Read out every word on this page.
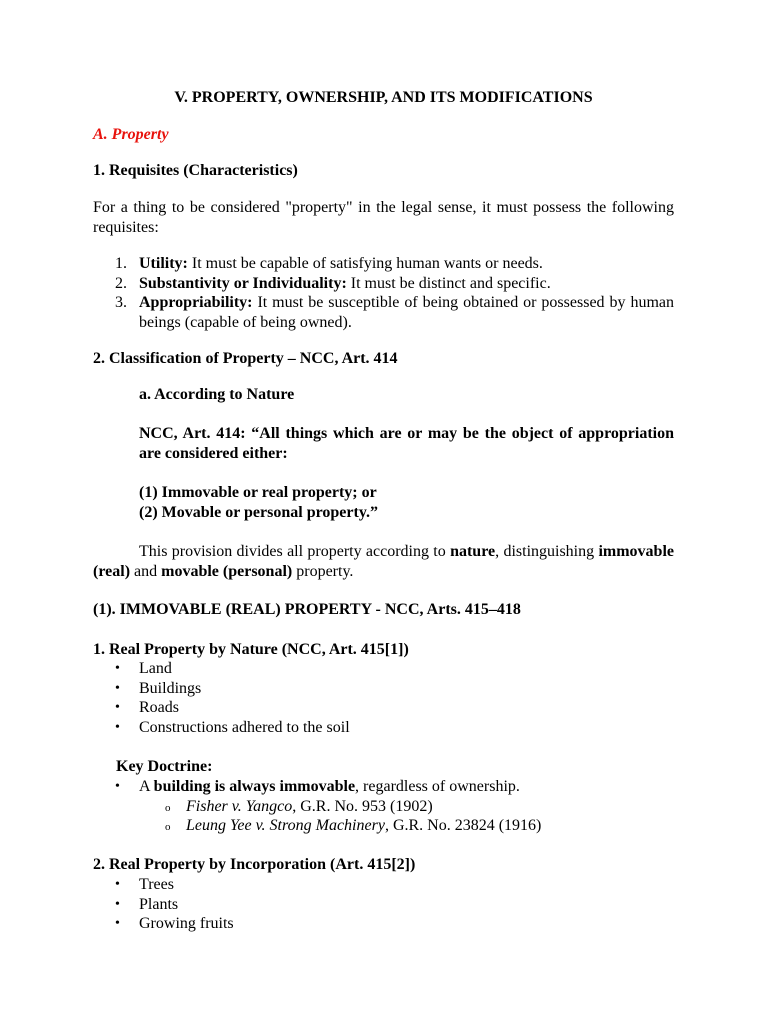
V. PROPERTY, OWNERSHIP, AND ITS MODIFICATIONS
A. Property
1. Requisites (Characteristics)
For a thing to be considered "property" in the legal sense, it must possess the following requisites:
1. Utility: It must be capable of satisfying human wants or needs.
2. Substantivity or Individuality: It must be distinct and specific.
3. Appropriability: It must be susceptible of being obtained or possessed by human beings (capable of being owned).
2. Classification of Property – NCC, Art. 414
a. According to Nature
NCC, Art. 414: “All things which are or may be the object of appropriation are considered either:
(1) Immovable or real property; or
(2) Movable or personal property.”
This provision divides all property according to nature, distinguishing immovable (real) and movable (personal) property.
(1). IMMOVABLE (REAL) PROPERTY - NCC, Arts. 415–418
1. Real Property by Nature (NCC, Art. 415[1])
• Land
• Buildings
• Roads
• Constructions adhered to the soil
Key Doctrine:
• A building is always immovable, regardless of ownership.
o Fisher v. Yangco, G.R. No. 953 (1902)
o Leung Yee v. Strong Machinery, G.R. No. 23824 (1916)
2. Real Property by Incorporation (Art. 415[2])
• Trees
• Plants
• Growing fruits
